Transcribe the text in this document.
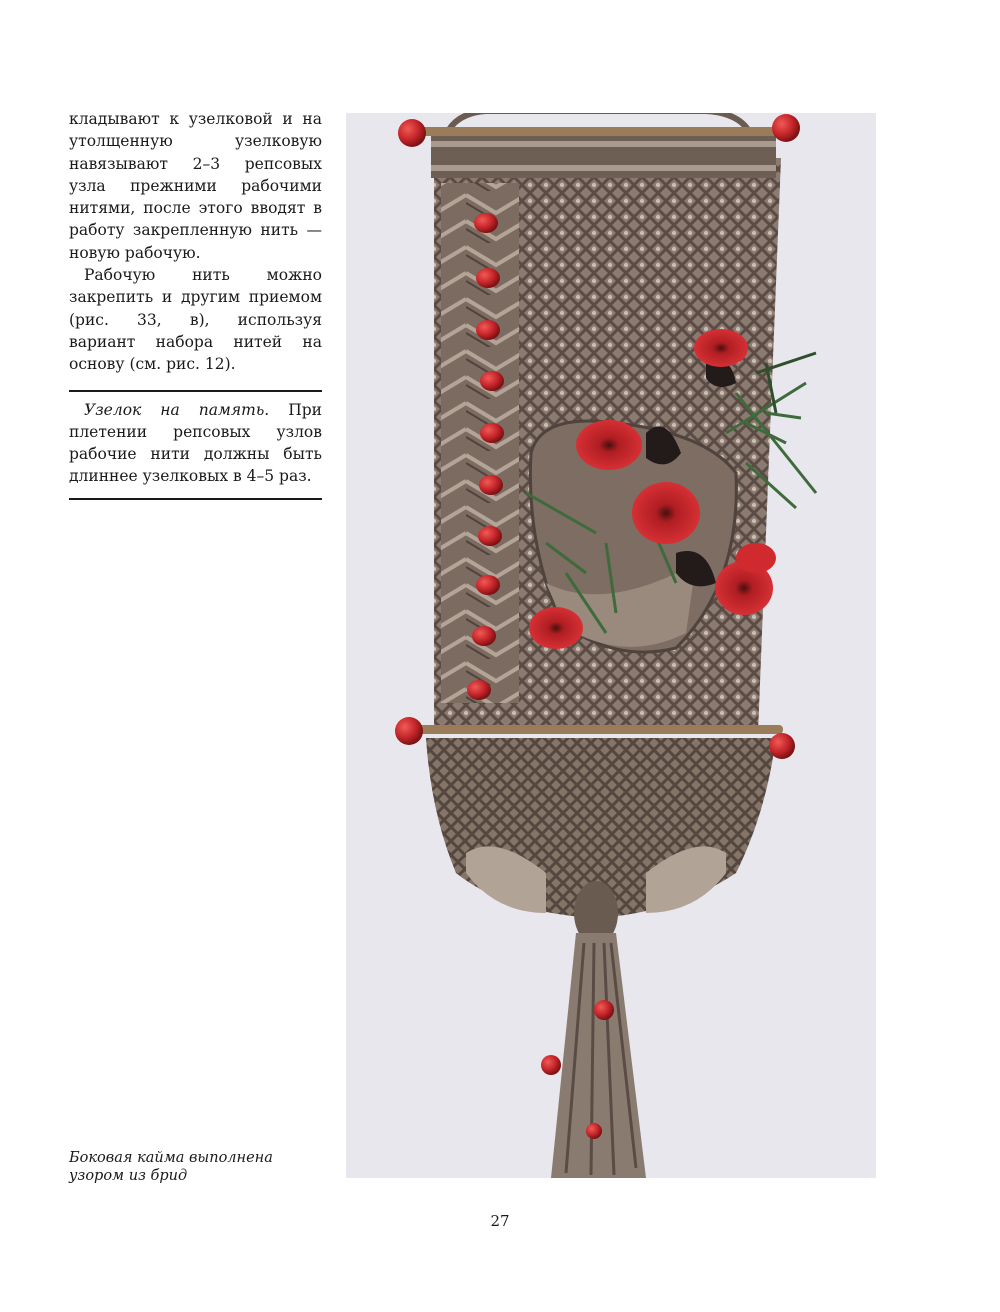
кладывают к узелковой и на утолщенную узелковую навязывают 2–3 репсовых узла прежними рабочими нитями, после этого вводят в работу закрепленную нить — новую рабочую.

Рабочую нить можно закрепить и другим приемом (рис. 33, в), используя вариант набора нитей на основу (см. рис. 12).

Узелок на память. При плетении репсовых узлов рабочие нити должны быть длиннее узелковых в 4–5 раз.

Боковая кайма выполнена узором из брид
27
